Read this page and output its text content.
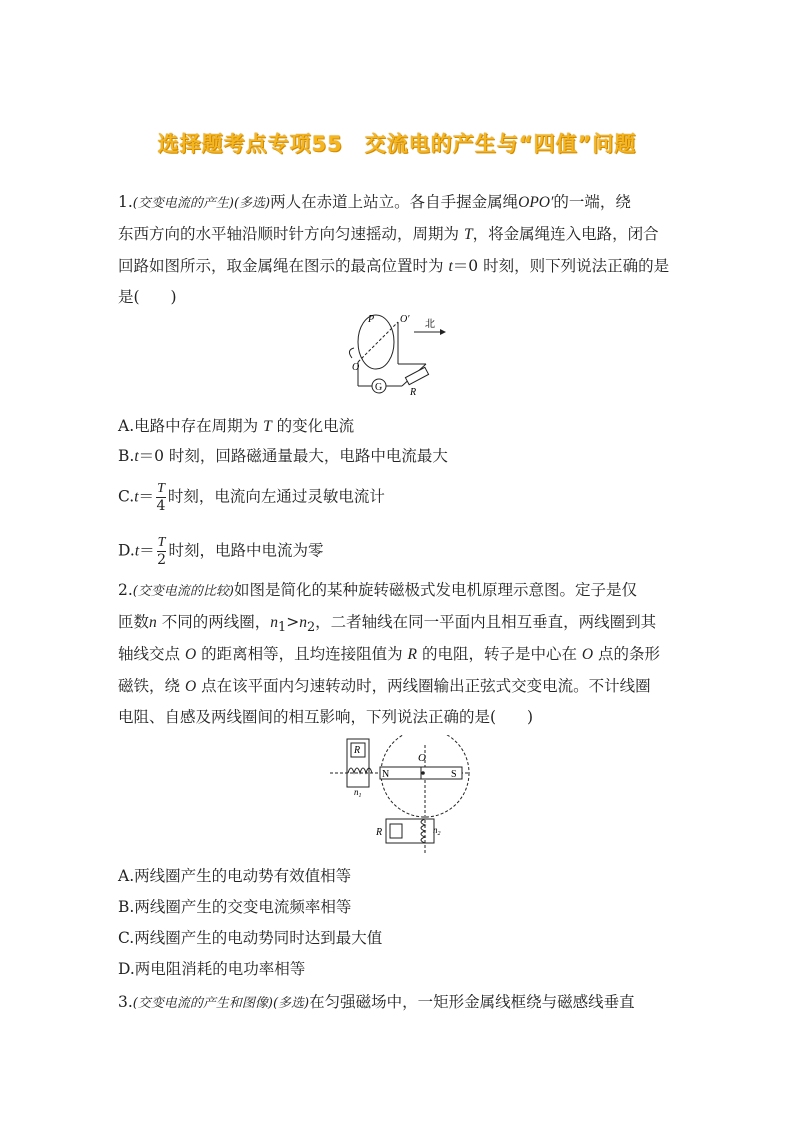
选择题考点专项55　交流电的产生与“四值”问题
1.(交变电流的产生)(多选)两人在赤道上站立。各自手握金属绳OPO′的一端，绕
东西方向的水平轴沿顺时针方向匀速摇动，周期为 T，将金属绳连入电路，闭合
回路如图所示，取金属绳在图示的最高位置时为 t＝0 时刻，则下列说法正确的是
是(　　)
G
P	O′ 北
O
R
A.电路中存在周期为 T 的变化电流
B.t＝0 时刻，回路磁通量最大，电路中电流最大
$C.t= \frac{T}{4}$ 时刻，电流向左通过灵敏电流计
$D.t= \frac{T}{2}$ 时刻，电路中电流为零
2.(交变电流的比较)如图是简化的某种旋转磁极式发电机原理示意图。定子是仅
匝数n 不同的两线圈，$n_1>n_2$，二者轴线在同一平面内且相互垂直，两线圈到其
轴线交点 O 的距离相等，且均连接阻值为 R 的电阻，转子是中心在 O 点的条形
磁铁，绕 O 点在该平面内匀速转动时，两线圈输出正弦式交变电流。不计线圈
电阻、自感及两线圈间的相互影响，下列说法正确的是(　　)
N	S
O
R
$n_1$
R	$n_2$
A.两线圈产生的电动势有效值相等
B.两线圈产生的交变电流频率相等
C.两线圈产生的电动势同时达到最大值
D.两电阻消耗的电功率相等
3.(交变电流的产生和图像)(多选)在匀强磁场中，一矩形金属线框绕与磁感线垂直
